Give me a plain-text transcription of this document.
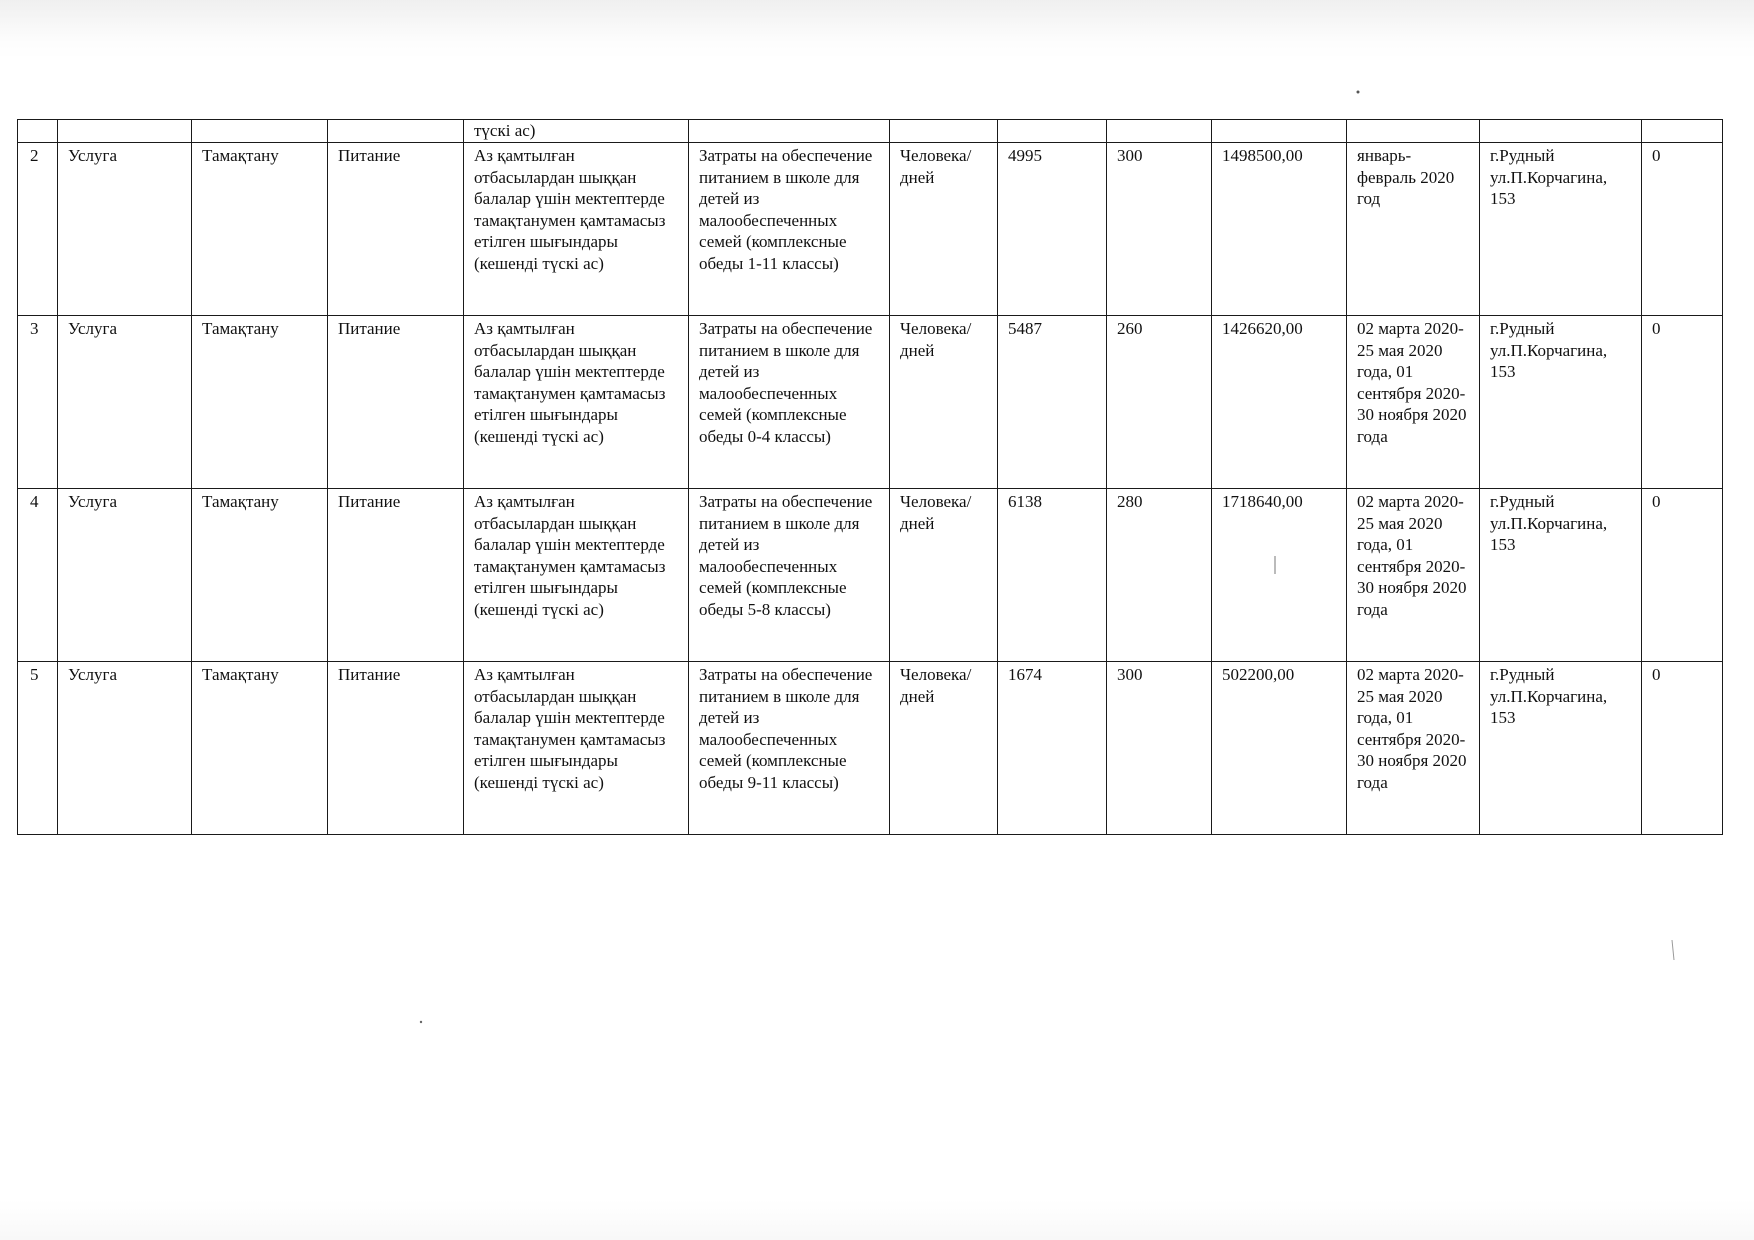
				түскі ас)								
2	Услуга	Тамақтану	Питание	Аз қамтылған отбасылардан шыққан балалар үшін мектептерде тамақтанумен қамтамасыз етілген шығындары (кешенді түскі ас)	Затраты на обеспечение питанием в школе для детей из малообеспеченных семей (комплексные обеды 1-11 классы)	Человека/ дней	4995	300	1498500,00	январь-февраль 2020 год	г.Рудный ул.П.Корчагина, 153	0
3	Услуга	Тамақтану	Питание	Аз қамтылған отбасылардан шыққан балалар үшін мектептерде тамақтанумен қамтамасыз етілген шығындары (кешенді түскі ас)	Затраты на обеспечение питанием в школе для детей из малообеспеченных семей (комплексные обеды 0-4 классы)	Человека/ дней	5487	260	1426620,00	02 марта 2020-25 мая 2020 года, 01 сентября 2020-30 ноября 2020 года	г.Рудный ул.П.Корчагина, 153	0
4	Услуга	Тамақтану	Питание	Аз қамтылған отбасылардан шыққан балалар үшін мектептерде тамақтанумен қамтамасыз етілген шығындары (кешенді түскі ас)	Затраты на обеспечение питанием в школе для детей из малообеспеченных семей (комплексные обеды 5-8 классы)	Человека/ дней	6138	280	1718640,00	02 марта 2020-25 мая 2020 года, 01 сентября 2020-30 ноября 2020 года	г.Рудный ул.П.Корчагина, 153	0
5	Услуга	Тамақтану	Питание	Аз қамтылған отбасылардан шыққан балалар үшін мектептерде тамақтанумен қамтамасыз етілген шығындары (кешенді түскі ас)	Затраты на обеспечение питанием в школе для детей из малообеспеченных семей (комплексные обеды 9-11 классы)	Человека/ дней	1674	300	502200,00	02 марта 2020-25 мая 2020 года, 01 сентября 2020-30 ноября 2020 года	г.Рудный ул.П.Корчагина, 153	0
